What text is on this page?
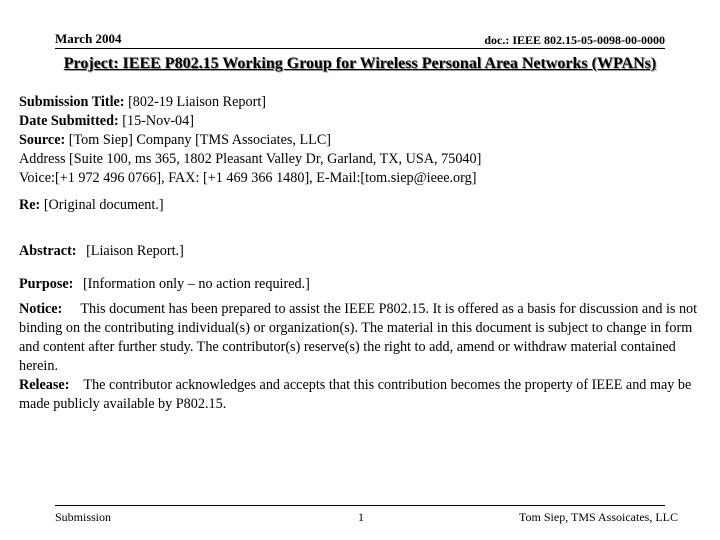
March 2004	doc.: IEEE 802.15-05-0098-00-0000
Project: IEEE P802.15 Working Group for Wireless Personal Area Networks (WPANs)
Submission Title: [802-19 Liaison Report]
Date Submitted: [15-Nov-04]
Source: [Tom Siep] Company [TMS Associates, LLC]
Address [Suite 100, ms 365, 1802 Pleasant Valley Dr, Garland, TX, USA, 75040]
Voice:[+1 972 496 0766], FAX: [+1 469 366 1480], E-Mail:[tom.siep@ieee.org]
Re: [Original document.]
Abstract: [Liaison Report.]
Purpose: [Information only – no action required.]
Notice: This document has been prepared to assist the IEEE P802.15. It is offered as a basis for discussion and is not binding on the contributing individual(s) or organization(s). The material in this document is subject to change in form and content after further study. The contributor(s) reserve(s) the right to add, amend or withdraw material contained herein.
Release: The contributor acknowledges and accepts that this contribution becomes the property of IEEE and may be made publicly available by P802.15.
Submission	1	Tom Siep, TMS Assoicates, LLC
